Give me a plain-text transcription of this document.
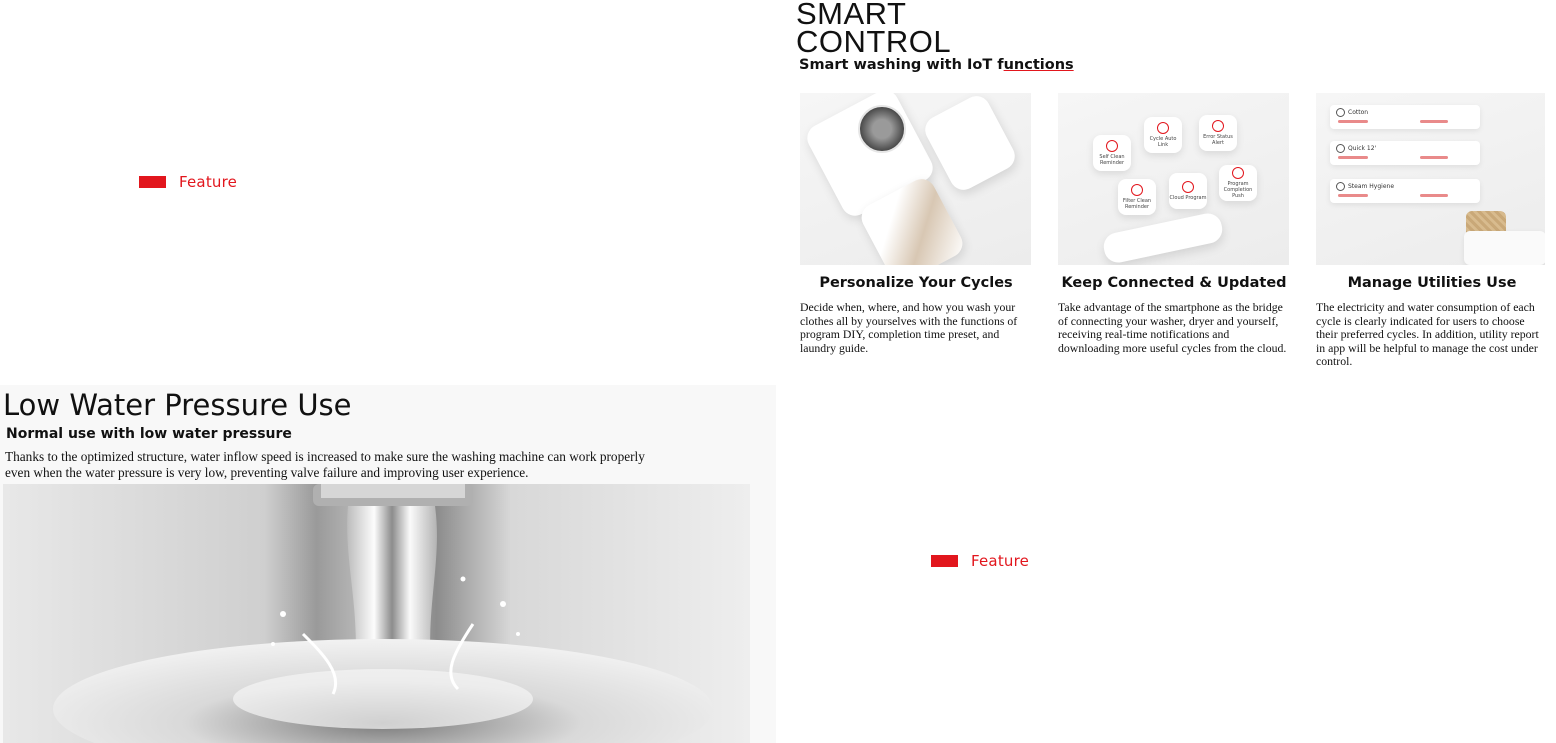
Feature
SMART
CONTROL
Smart washing with IoT functions
Personalize Your Cycles

Decide when, where, and how you wash your clothes all by yourselves with the functions of program DIY, completion time preset, and laundry guide.

Self Clean Reminder
Cycle Auto Link
Error Status Alert
Filter Clean Reminder
Cloud Program
Program Completion Push
Keep Connected & Updated

Take advantage of the smartphone as the bridge of connecting your washer, dryer and yourself, receiving real-time notifications and downloading more useful cycles from the cloud.

Cotton
Quick 12'
Steam Hygiene
Manage Utilities Use

The electricity and water consumption of each cycle is clearly indicated for users to choose their preferred cycles. In addition, utility report in app will be helpful to manage the cost under control.

Low Water Pressure Use
Normal use with low water pressure

Thanks to the optimized structure, water inflow speed is increased to make sure the washing machine can work properly even when the water pressure is very low, preventing valve failure and improving user experience.

Feature
